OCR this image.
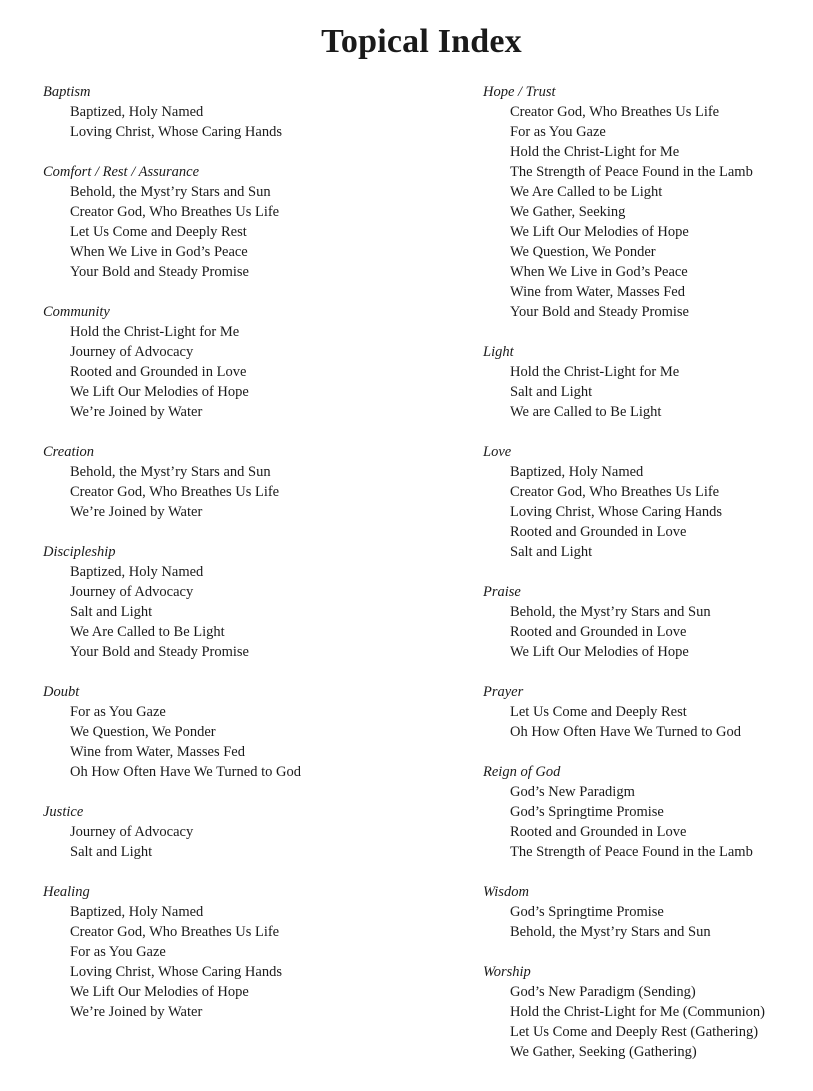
Topical Index
Baptism
Baptized, Holy Named
Loving Christ, Whose Caring Hands
Comfort / Rest / Assurance
Behold, the Myst’ry Stars and Sun
Creator God, Who Breathes Us Life
Let Us Come and Deeply Rest
When We Live in God’s Peace
Your Bold and Steady Promise
Community
Hold the Christ-Light for Me
Journey of Advocacy
Rooted and Grounded in Love
We Lift Our Melodies of Hope
We’re Joined by Water
Creation
Behold, the Myst’ry Stars and Sun
Creator God, Who Breathes Us Life
We’re Joined by Water
Discipleship
Baptized, Holy Named
Journey of Advocacy
Salt and Light
We Are Called to Be Light
Your Bold and Steady Promise
Doubt
For as You Gaze
We Question, We Ponder
Wine from Water, Masses Fed
Oh How Often Have We Turned to God
Justice
Journey of Advocacy
Salt and Light
Healing
Baptized, Holy Named
Creator God, Who Breathes Us Life
For as You Gaze
Loving Christ, Whose Caring Hands
We Lift Our Melodies of Hope
We’re Joined by Water
Hope / Trust
Creator God, Who Breathes Us Life
For as You Gaze
Hold the Christ-Light for Me
The Strength of Peace Found in the Lamb
We Are Called to be Light
We Gather, Seeking
We Lift Our Melodies of Hope
We Question, We Ponder
When We Live in God’s Peace
Wine from Water, Masses Fed
Your Bold and Steady Promise
Light
Hold the Christ-Light for Me
Salt and Light
We are Called to Be Light
Love
Baptized, Holy Named
Creator God, Who Breathes Us Life
Loving Christ, Whose Caring Hands
Rooted and Grounded in Love
Salt and Light
Praise
Behold, the Myst’ry Stars and Sun
Rooted and Grounded in Love
We Lift Our Melodies of Hope
Prayer
Let Us Come and Deeply Rest
Oh How Often Have We Turned to God
Reign of God
God’s New Paradigm
God’s Springtime Promise
Rooted and Grounded in Love
The Strength of Peace Found in the Lamb
Wisdom
God’s Springtime Promise
Behold, the Myst’ry Stars and Sun
Worship
God’s New Paradigm (Sending)
Hold the Christ-Light for Me (Communion)
Let Us Come and Deeply Rest (Gathering)
We Gather, Seeking (Gathering)
